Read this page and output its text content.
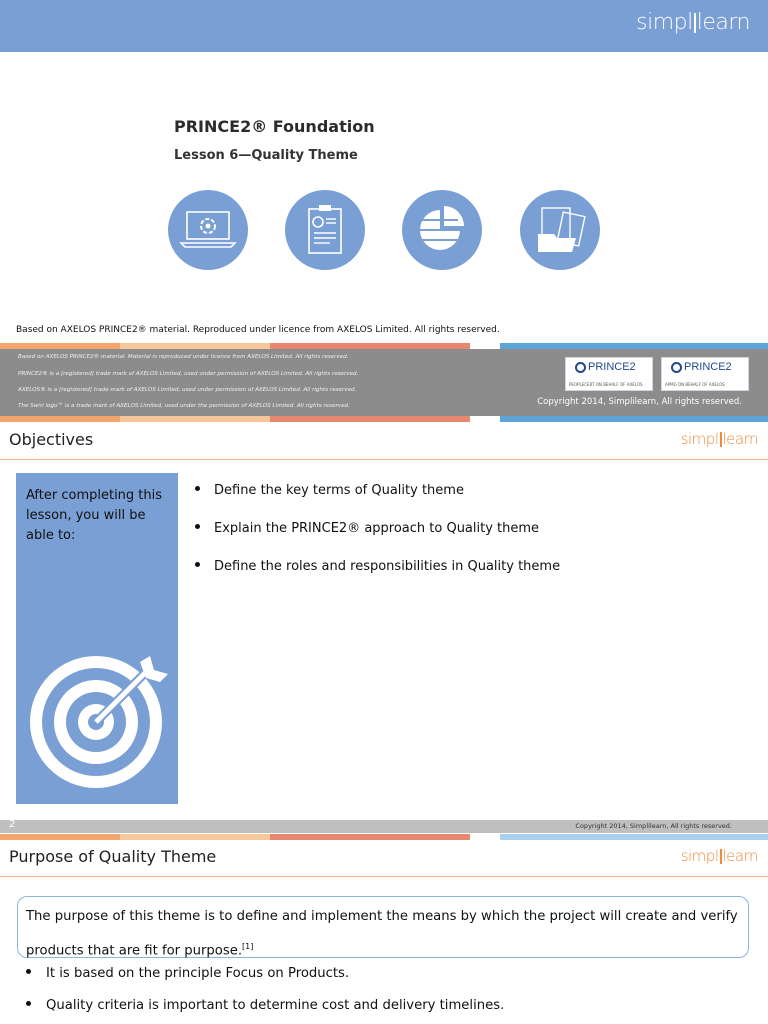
simpl learn
PRINCE2® Foundation
Lesson 6—Quality Theme
Based on AXELOS PRINCE2® material. Reproduced under licence from AXELOS Limited. All rights reserved.
Based on AXELOS PRINCE2® material. Material is reproduced under licence from AXELOS Limited. All rights reserved.
PRINCE2® is a [registered] trade mark of AXELOS Limited, used under permission of AXELOS Limited. All rights reserved.
AXELOS® is a [registered] trade mark of AXELOS Limited, used under permission of AXELOS Limited. All rights reserved.
The Swirl logo™ is a trade mark of AXELOS Limited, used under the permission of AXELOS Limited. All rights reserved.
PRINCE2
PEOPLECERT ON BEHALF OF AXELOS
PRINCE2
APMG ON BEHALF OF AXELOS
Copyright 2014, Simplilearn, All rights reserved.
Objectives	simpl learn
After completing this lesson, you will be able to:
Define the key terms of Quality theme
Explain the PRINCE2® approach to Quality theme
Define the roles and responsibilities in Quality theme
2	Copyright 2014, Simplilearn, All rights reserved.
Purpose of Quality Theme	simpl learn
The purpose of this theme is to define and implement the means by which the project will create and verify products that are fit for purpose.[1]
It is based on the principle Focus on Products.
Quality criteria is important to determine cost and delivery timelines.
